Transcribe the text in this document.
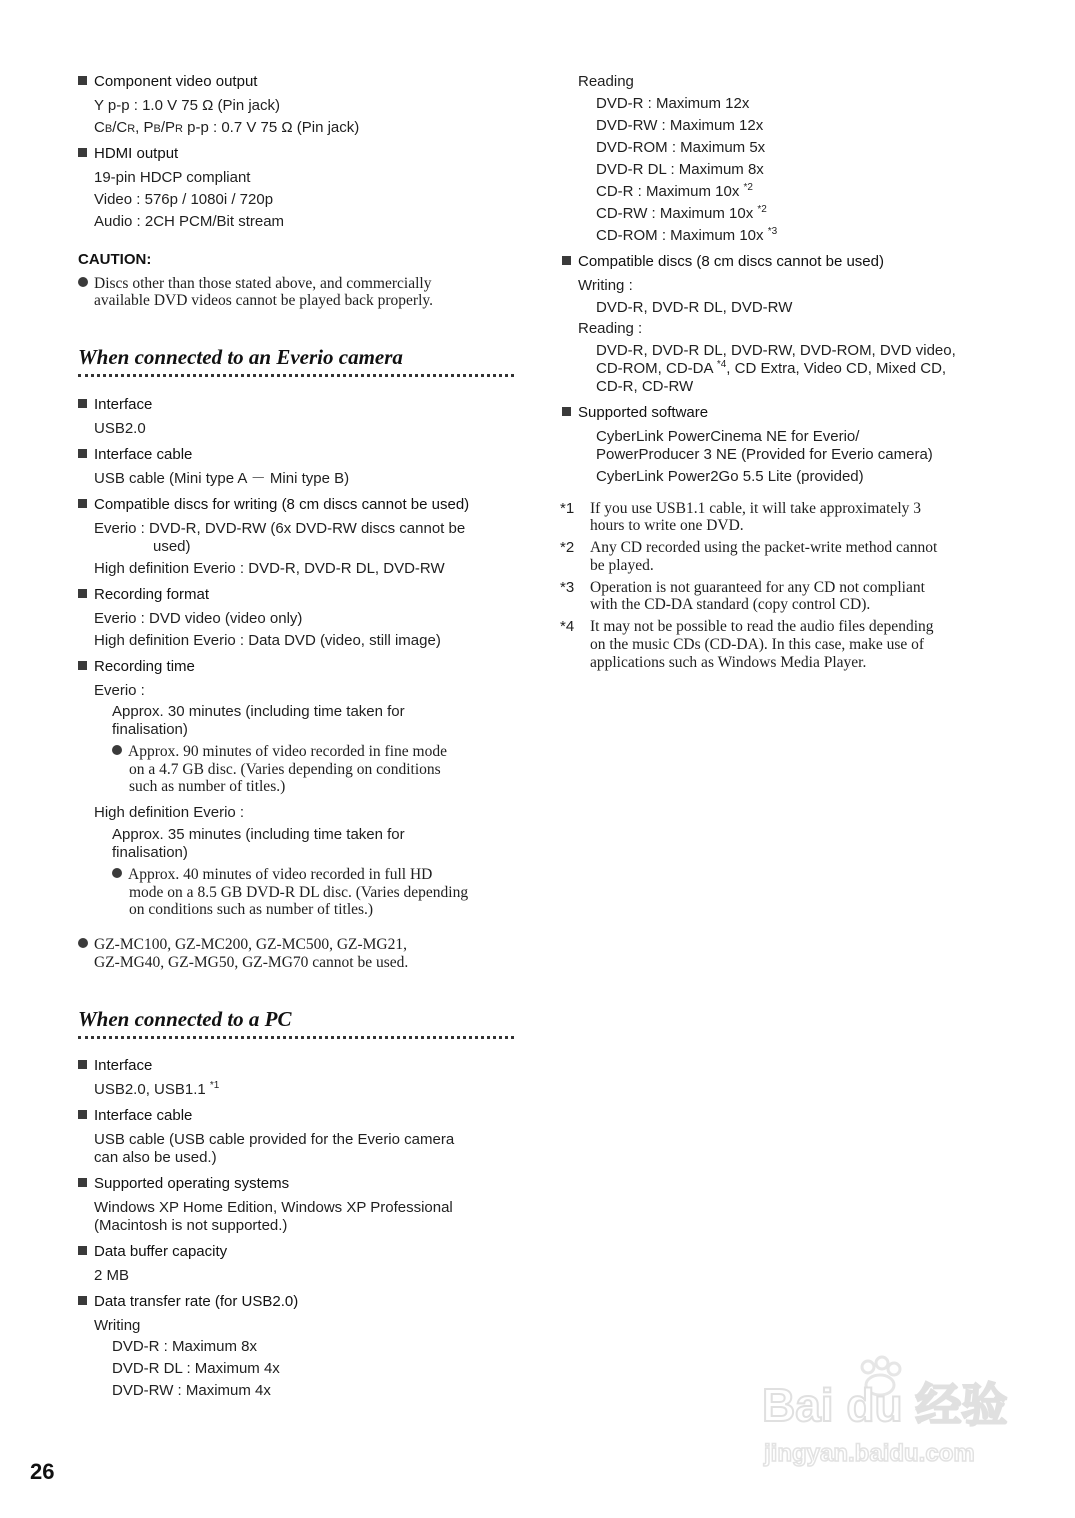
Component video output
Y p-p : 1.0 V 75 Ω (Pin jack)
CB/CR, PB/PR p-p : 0.7 V 75 Ω (Pin jack)
HDMI output
19-pin HDCP compliant
Video : 576p / 1080i / 720p
Audio : 2CH PCM/Bit stream
CAUTION:
Discs other than those stated above, and commercially
available DVD videos cannot be played back properly.
When connected to an Everio camera
Interface
USB2.0
Interface cable
USB cable (Mini type A － Mini type B)
Compatible discs for writing (8 cm discs cannot be used)
Everio : DVD-R, DVD-RW (6x DVD-RW discs cannot be
used)
High definition Everio : DVD-R, DVD-R DL, DVD-RW
Recording format
Everio : DVD video (video only)
High definition Everio : Data DVD (video, still image)
Recording time
Everio :
Approx. 30 minutes (including time taken for
finalisation)
Approx. 90 minutes of video recorded in fine mode
on a 4.7 GB disc. (Varies depending on conditions
such as number of titles.)
High definition Everio :
Approx. 35 minutes (including time taken for
finalisation)
Approx. 40 minutes of video recorded in full HD
mode on a 8.5 GB DVD-R DL disc. (Varies depending
on conditions such as number of titles.)
GZ-MC100, GZ-MC200, GZ-MC500, GZ-MG21,
GZ-MG40, GZ-MG50, GZ-MG70 cannot be used.
When connected to a PC
Interface
USB2.0, USB1.1 $^{*1}$
Interface cable
USB cable (USB cable provided for the Everio camera
can also be used.)
Supported operating systems
Windows XP Home Edition, Windows XP Professional
(Macintosh is not supported.)
Data buffer capacity
2 MB
Data transfer rate (for USB2.0)
Writing
DVD-R : Maximum 8x
DVD-R DL : Maximum 4x
DVD-RW : Maximum 4x
Reading
DVD-R : Maximum 12x
DVD-RW : Maximum 12x
DVD-ROM : Maximum 5x
DVD-R DL : Maximum 8x
CD-R : Maximum 10x $^{*2}$
CD-RW : Maximum 10x $^{*2}$
CD-ROM : Maximum 10x $^{*3}$
Compatible discs (8 cm discs cannot be used)
Writing :
DVD-R, DVD-R DL, DVD-RW
Reading :
DVD-R, DVD-R DL, DVD-RW, DVD-ROM, DVD video,
CD-ROM, CD-DA $^{*4}$, CD Extra, Video CD, Mixed CD,
CD-R, CD-RW
Supported software
CyberLink PowerCinema NE for Everio/
PowerProducer 3 NE (Provided for Everio camera)
CyberLink Power2Go 5.5 Lite (provided)
*1 If you use USB1.1 cable, it will take approximately 3
hours to write one DVD.
*2 Any CD recorded using the packet-write method cannot
be played.
*3 Operation is not guaranteed for any CD not compliant
with the CD-DA standard (copy control CD).
*4 It may not be possible to read the audio files depending
on the music CDs (CD-DA). In this case, make use of
applications such as Windows Media Player.
26
Bai du 经验
jingyan.baidu.com
